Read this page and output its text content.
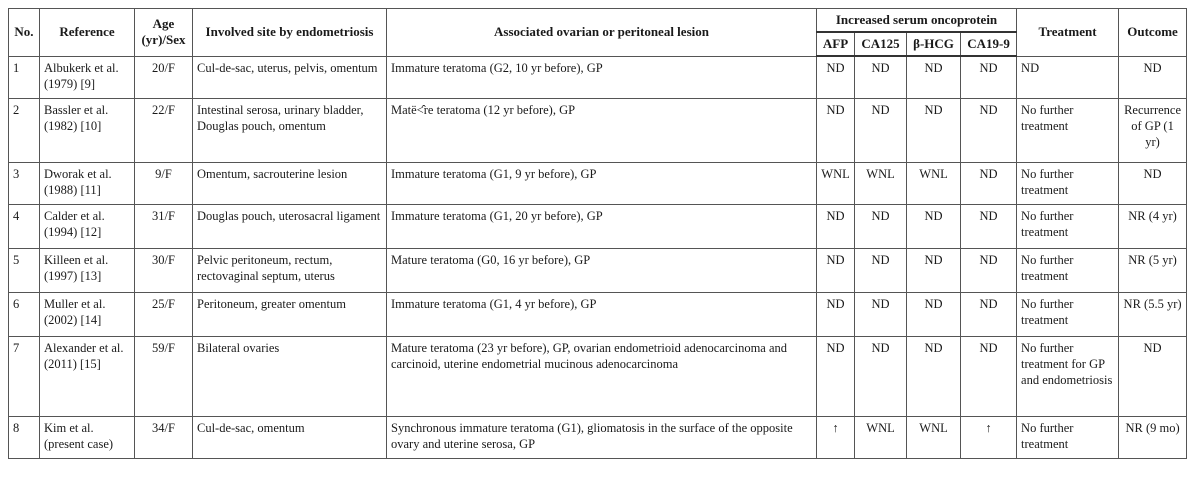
No.	Reference	Age (yr)/Sex	Involved site by endometriosis	Associated ovarian or peritoneal lesion	Increased serum oncoprotein				Treatment	Outcome
					AFP	CA125	β-HCG	CA19-9		
1	Albukerk et al. (1979) [9]	20/F	Cul-de-sac, uterus, pelvis, omentum	Immature teratoma (G2, 10 yr before), GP	ND	ND	ND	ND	ND	ND
2	Bassler et al. (1982) [10]	22/F	Intestinal serosa, urinary bladder, Douglas pouch, omentum	Matë<̂re teratoma (12 yr before), GP	ND	ND	ND	ND	No further treatment	Recurrence of GP (1 yr)
3	Dworak et al. (1988) [11]	9/F	Omentum, sacrouterine lesion	Immature teratoma (G1, 9 yr before), GP	WNL	WNL	WNL	ND	No further treatment	ND
4	Calder et al. (1994) [12]	31/F	Douglas pouch, uterosacral ligament	Immature teratoma (G1, 20 yr before), GP	ND	ND	ND	ND	No further treatment	NR (4 yr)
5	Killeen et al. (1997) [13]	30/F	Pelvic peritoneum, rectum, rectovaginal septum, uterus	Mature teratoma (G0, 16 yr before), GP	ND	ND	ND	ND	No further treatment	NR (5 yr)
6	Muller et al. (2002) [14]	25/F	Peritoneum, greater omentum	Immature teratoma (G1, 4 yr before), GP	ND	ND	ND	ND	No further treatment	NR (5.5 yr)
7	Alexander et al. (2011) [15]	59/F	Bilateral ovaries	Mature teratoma (23 yr before), GP, ovarian endometrioid adenocarcinoma and carcinoid, uterine endometrial mucinous adenocarcinoma	ND	ND	ND	ND	No further treatment for GP and endometriosis	ND
8	Kim et al. (present case)	34/F	Cul-de-sac, omentum	Synchronous immature teratoma (G1), gliomatosis in the surface of the opposite ovary and uterine serosa, GP	↑	WNL	WNL	↑	No further treatment	NR (9 mo)
